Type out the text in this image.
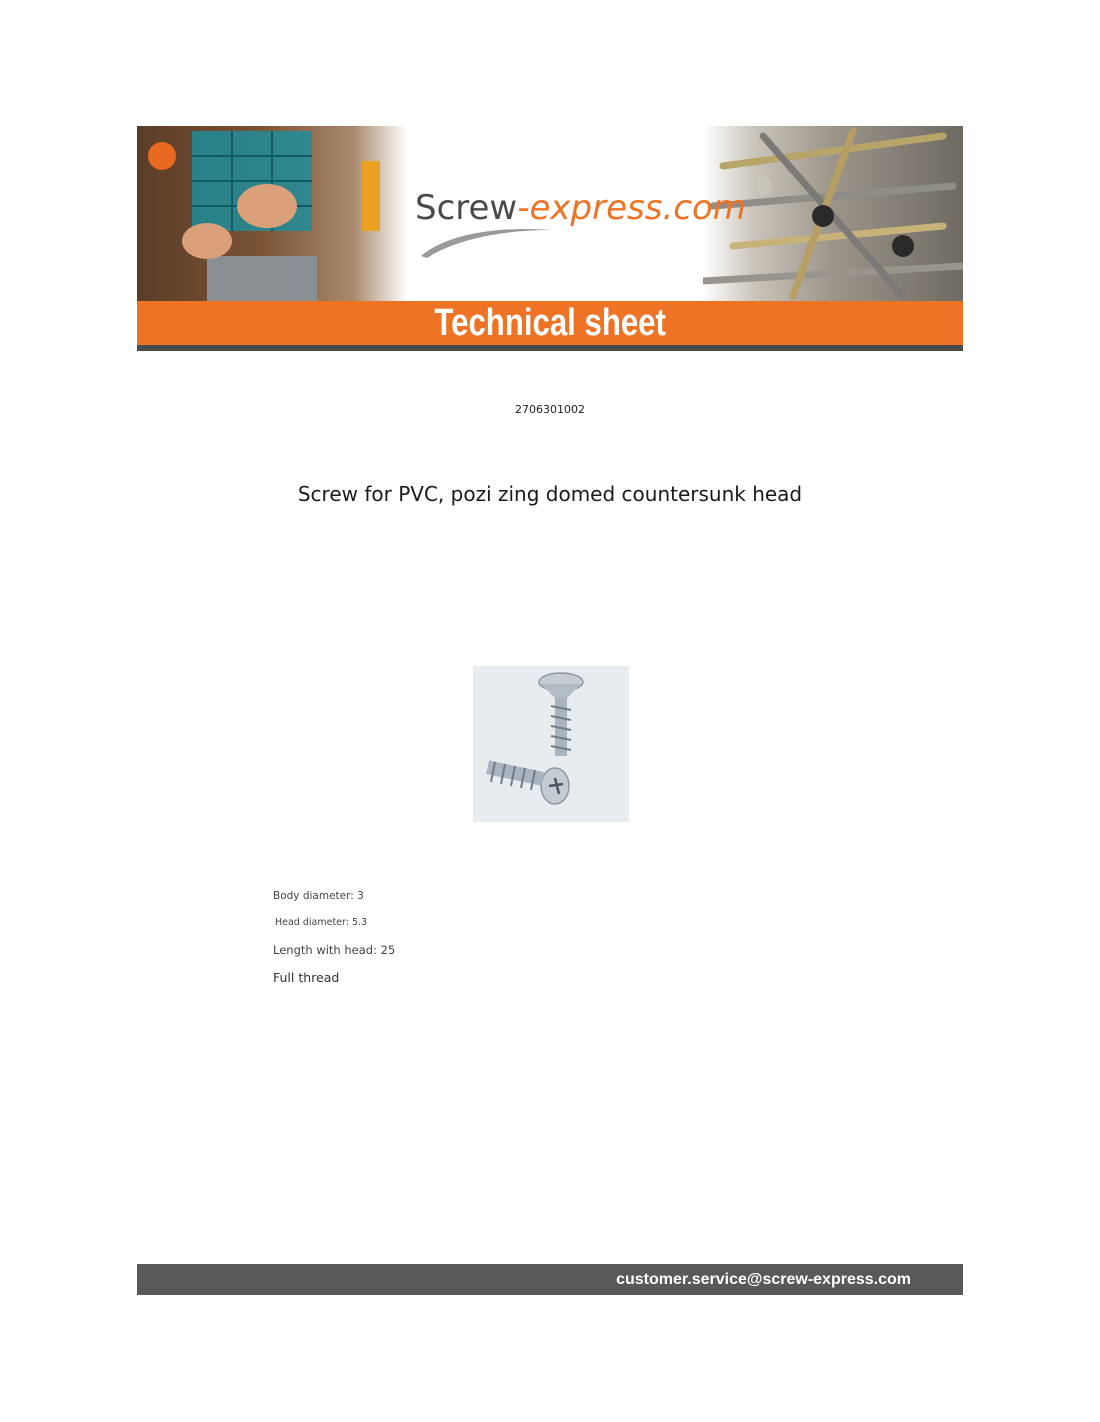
Screw-express.com
Technical sheet
2706301002
Screw for PVC, pozi zing domed countersunk head
Body diameter: 3
Head diameter: 5.3
Length with head: 25
Full thread
customer.service@screw-express.com
